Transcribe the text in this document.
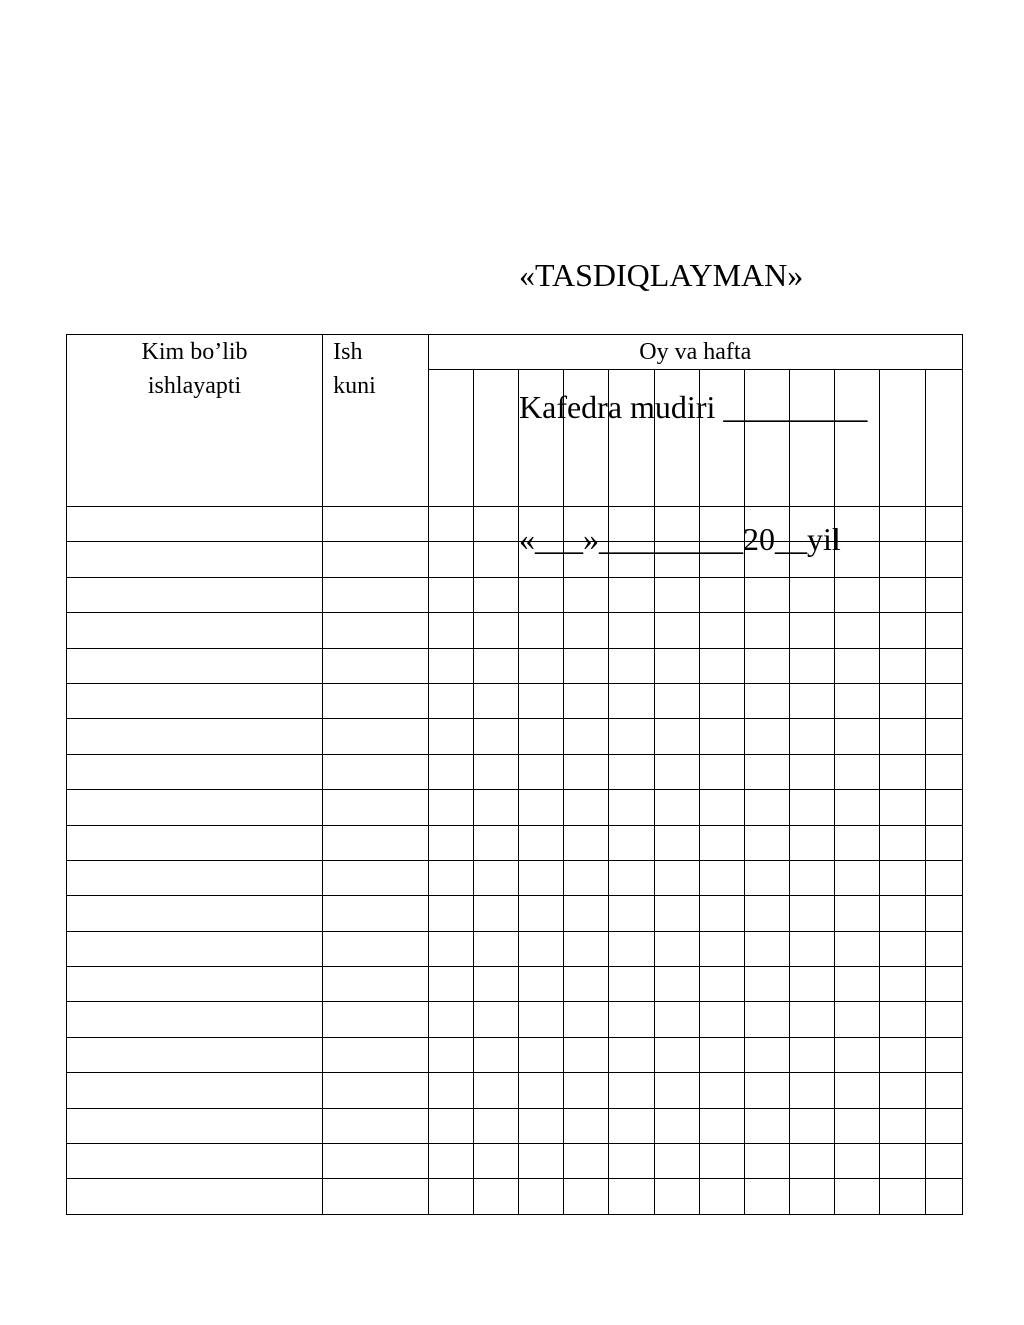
«TASDIQLAYMAN»

Kafedra mudiri _________

«___»_________20__yil

Kim bo’lib ishlayapti	Ish kuni	Oy va hafta											
